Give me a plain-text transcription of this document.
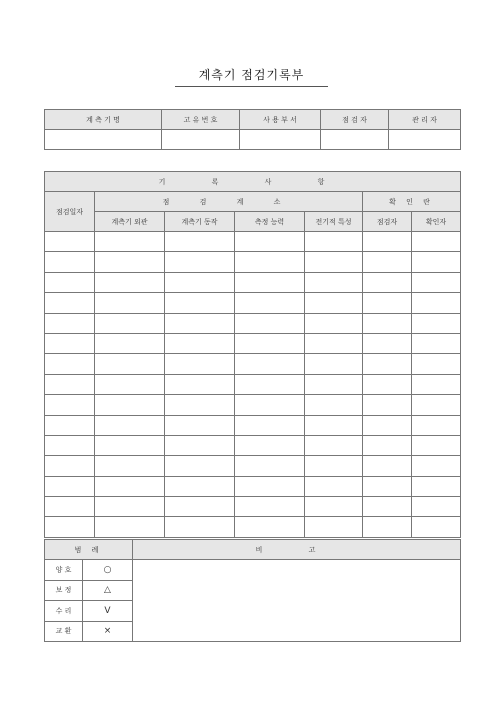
계측기 점검기록부
계 측 기 명	고 유 번 호	사 용 부 서	점 검 자	관 리 자

기 록 사 항						
점검일자	점 검 계 소				확 인 란	
	계측기 외관	계측기 동작	측정 능력	전기적 특성	점검자	확인자

범 례		비 고
양 호	○	
보 정	△	
수 리	V	
교 환	×	
